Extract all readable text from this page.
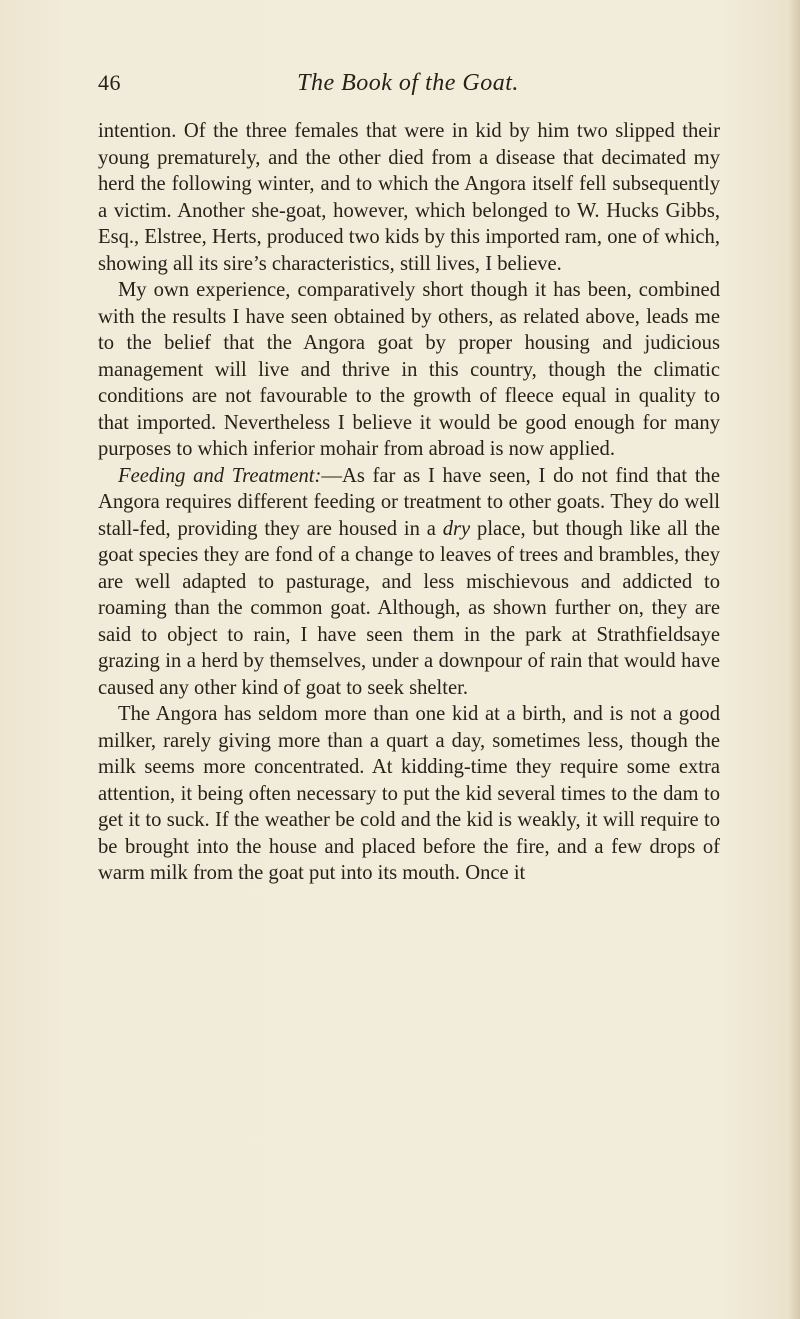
46	The Book of the Goat.

intention. Of the three females that were in kid by him two slipped their young prematurely, and the other died from a disease that decimated my herd the following winter, and to which the Angora itself fell subsequently a victim. Another she-goat, however, which belonged to W. Hucks Gibbs, Esq., Elstree, Herts, produced two kids by this imported ram, one of which, showing all its sire’s characteristics, still lives, I believe.

My own experience, comparatively short though it has been, combined with the results I have seen obtained by others, as related above, leads me to the belief that the Angora goat by proper housing and judicious management will live and thrive in this country, though the climatic conditions are not favourable to the growth of fleece equal in quality to that imported. Nevertheless I believe it would be good enough for many purposes to which inferior mohair from abroad is now applied.

Feeding and Treatment:—As far as I have seen, I do not find that the Angora requires different feeding or treatment to other goats. They do well stall-fed, providing they are housed in a dry place, but though like all the goat species they are fond of a change to leaves of trees and brambles, they are well adapted to pasturage, and less mischievous and addicted to roaming than the common goat. Although, as shown further on, they are said to object to rain, I have seen them in the park at Strathfieldsaye grazing in a herd by themselves, under a downpour of rain that would have caused any other kind of goat to seek shelter.

The Angora has seldom more than one kid at a birth, and is not a good milker, rarely giving more than a quart a day, sometimes less, though the milk seems more concentrated. At kidding-time they require some extra attention, it being often necessary to put the kid several times to the dam to get it to suck. If the weather be cold and the kid is weakly, it will require to be brought into the house and placed before the fire, and a few drops of warm milk from the goat put into its mouth. Once it
